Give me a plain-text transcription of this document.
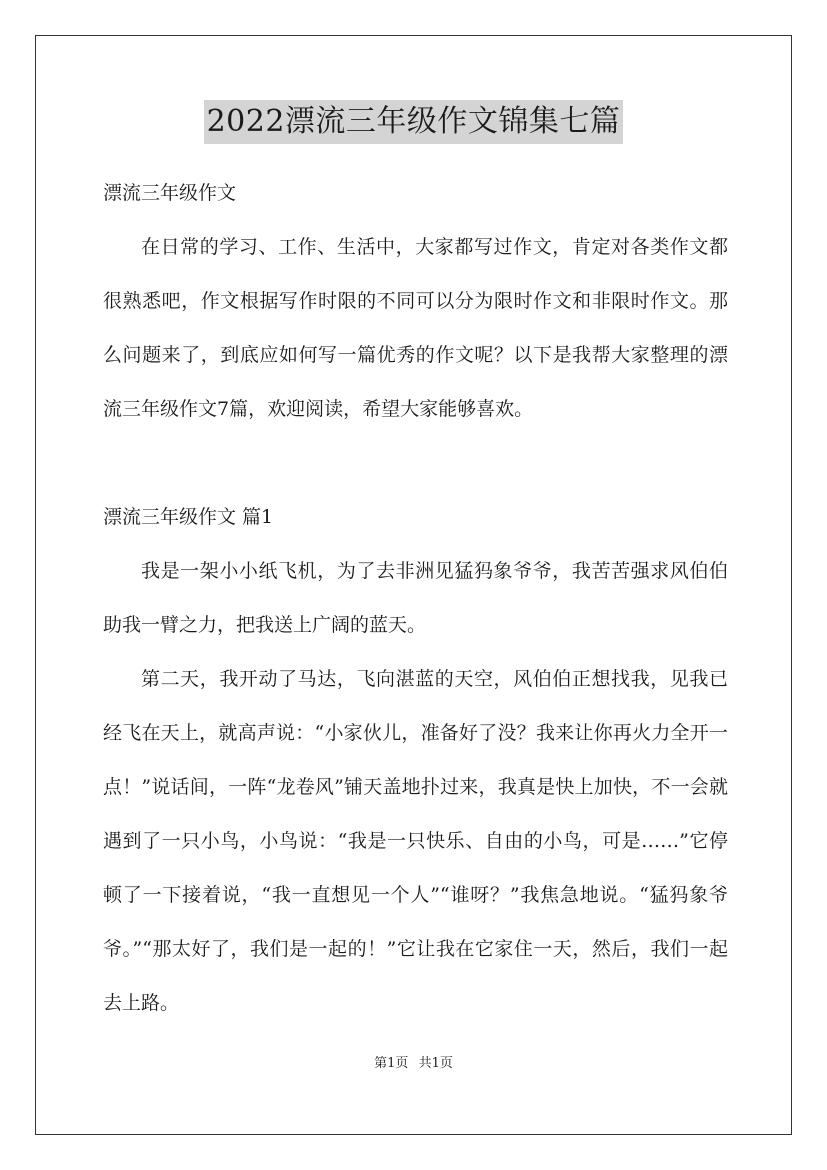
2022漂流三年级作文锦集七篇

漂流三年级作文

在日常的学习、工作、生活中，大家都写过作文，肯定对各类作文都很熟悉吧，作文根据写作时限的不同可以分为限时作文和非限时作文。那么问题来了，到底应如何写一篇优秀的作文呢？以下是我帮大家整理的漂流三年级作文7篇，欢迎阅读，希望大家能够喜欢。

漂流三年级作文 篇1

我是一架小小纸飞机，为了去非洲见猛犸象爷爷，我苦苦强求风伯伯助我一臂之力，把我送上广阔的蓝天。

第二天，我开动了马达，飞向湛蓝的天空，风伯伯正想找我，见我已经飞在天上，就高声说：“小家伙儿，准备好了没？我来让你再火力全开一点！”说话间，一阵“龙卷风”铺天盖地扑过来，我真是快上加快，不一会就遇到了一只小鸟，小鸟说：“我是一只快乐、自由的小鸟，可是……”它停顿了一下接着说，“我一直想见一个人”“谁呀？”我焦急地说。“猛犸象爷爷。”“那太好了，我们是一起的！”它让我在它家住一天，然后，我们一起去上路。

第1页 共1页
